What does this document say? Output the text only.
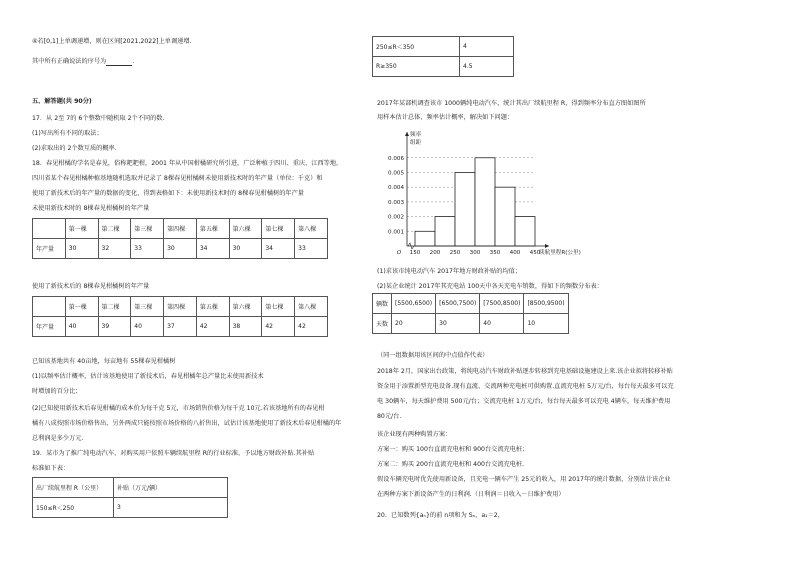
④若[0,1]上单调递增，则在区间[2021,2022]上单调递增.
其中所有正确说法的序号为	.
五、解答题(共 90分)
17．从 2至 7的 6个整数中随机取 2个不同的数.
(1)写出所有不同的取法；
(2)求取出的 2个数互质的概率.
18．春见柑橘的学名是春见，俗称耙耙柑，2001 年从中国柑橘研究所引进，广泛种植于四川、重庆、江西等地，
四川省某个春见柑橘种植基地随机选取并记录了 8棵春见柑橘树未使用新技术时的年产量（单位：千克）和
使用了新技术后的年产量的数据的变化，得到表格如下：未使用新技术时的 8棵春见柑橘树的年产量
未使用新技术时的 8棵春见柑橘树的年产量
	第一棵	第二棵	第三棵	第四棵	第五棵	第六棵	第七棵	第八棵
年产量	30	32	33	30	34	30	34	33
使用了新技术后的 8棵春见柑橘树的年产量
	第一棵	第二棵	第三棵	第四棵	第五棵	第六棵	第七棵	第八棵
年产量	40	39	40	37	42	38	42	42
已知该基地共有 40亩地，每亩地有 55棵春见柑橘树
(1)以频率估计概率，估计该基地使用了新技术后，春见柑橘年总产量比未使用新技术
时增加的百分比；
(2)已知使用新技术后春见柑橘的成本价为每千克 5元，市场销售价格为每千克 10元.若该基地所有的春见柑
橘有八成按照市场价格售出，另外两成只能按照市场价格的八折售出，试估计该基地使用了新技术后春见柑橘的年
总利润是多少万元.
19．某市为了推广纯电动汽车，对购买用户依照车辆续航里程 R的行业标准，予以地方财政补贴.其补贴
标准如下表：
出厂续航里程 R（公里）	补贴（万元/辆）
150≤R＜250	3
250≤R＜350	4
R≥350	4.5
2017年某部机调查该市 1000辆纯电动汽车，统计其出厂续航里程 R，得到频率分布直方图如图所
用样本估计总体，频率估计概率，解决如下问题：
0.001
0.002
0.003
0.004
0.005
0.006
150 200 250 300 350 400 450
续航里程R(公里)
O
频率
组距
(1)求该市纯电动汽车 2017年地方财政补贴的均值；
(2)某企业统计 2017年其充电站 100天中各天充电车销数，得如下的频数分布表：
辆数	[5500,6500)	[6500,7500)	[7500,8500)	[8500,9500)
天数	20	30	40	10
（同一组数据用该区间的中点值作代表）
2018年 2月，国家出台政策，将纯电动汽车财政补贴逐步转移到充电基础设施建设上来.该企业拟将转移补贴
资金用于添置新型充电设备.现有直流、交流两种充电桩可供购置.直流充电桩 5万元/台，每台每天最多可以充
电 30辆车，每天维护费用 500元/台；交流充电桩 1万元/台，每台每天最多可以充电 4辆车，每天维护费用
80元/台.
该企业现有两种购置方案：
方案一：购买 100台直流充电桩和 900台交流充电桩；
方案二：购买 200台直流充电桩和 400台交流充电桩.
假设车辆充电时优先使用新设备，且充电一辆车产生 25元的收入，用 2017年的统计数据，分别估计该企业
在两种方案下新设备产生的日利润.（日利润＝日收入－日维护费用）
20．已知数列{aₙ}的前 n项和为 Sₙ，a₁＝2，
